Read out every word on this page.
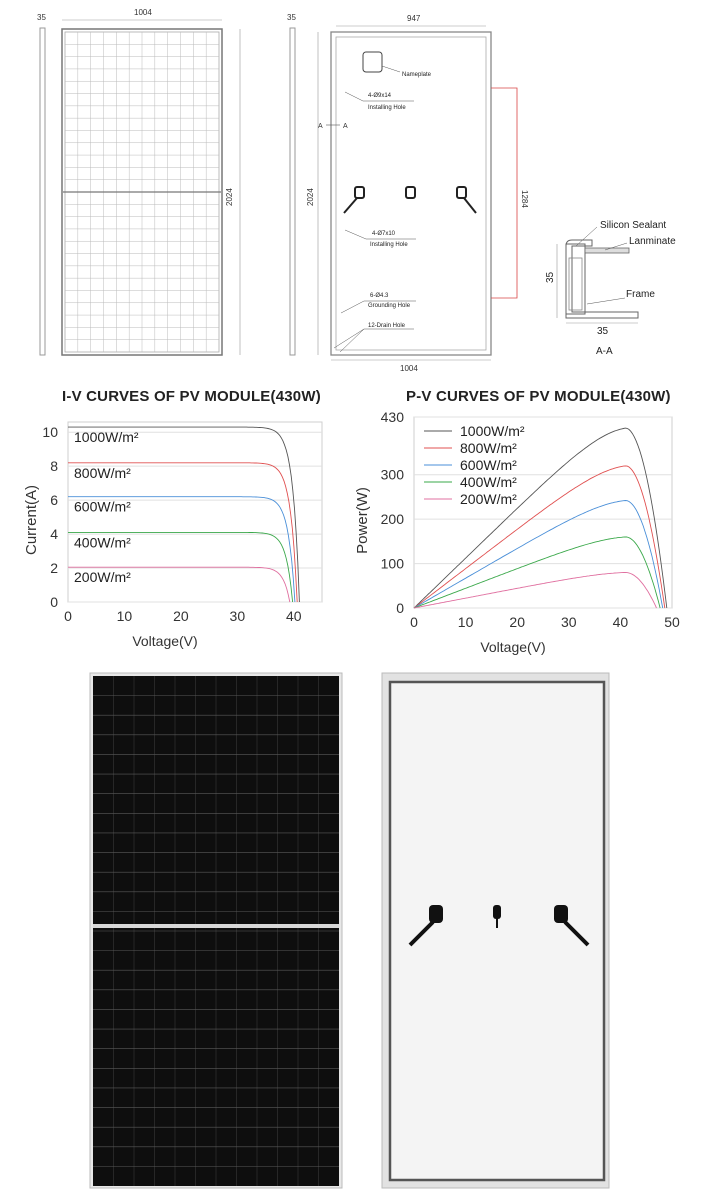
35
1004
2024
35	947
Nameplate
4-Ø9x14
Installing Hole
A	A
4-Ø7x10
Installing Hole
6-Ø4.3
Grounding Hole
12-Drain Hole
2024	1284
1004
Silicon Sealant
Lanminate
Frame
35
35
A-A
I-V CURVES OF PV MODULE(430W)	P-V CURVES OF PV MODULE(430W)
0
2
4
6
8
10
0	10	20	30	40
Voltage(V)
Current(A)
1000W/m²
800W/m²
600W/m²
400W/m²
200W/m²
0
100
200
300
430
0	10	20	30	40	50
Voltage(V)
Power(W)
1000W/m²
800W/m²
600W/m²
400W/m²
200W/m²
